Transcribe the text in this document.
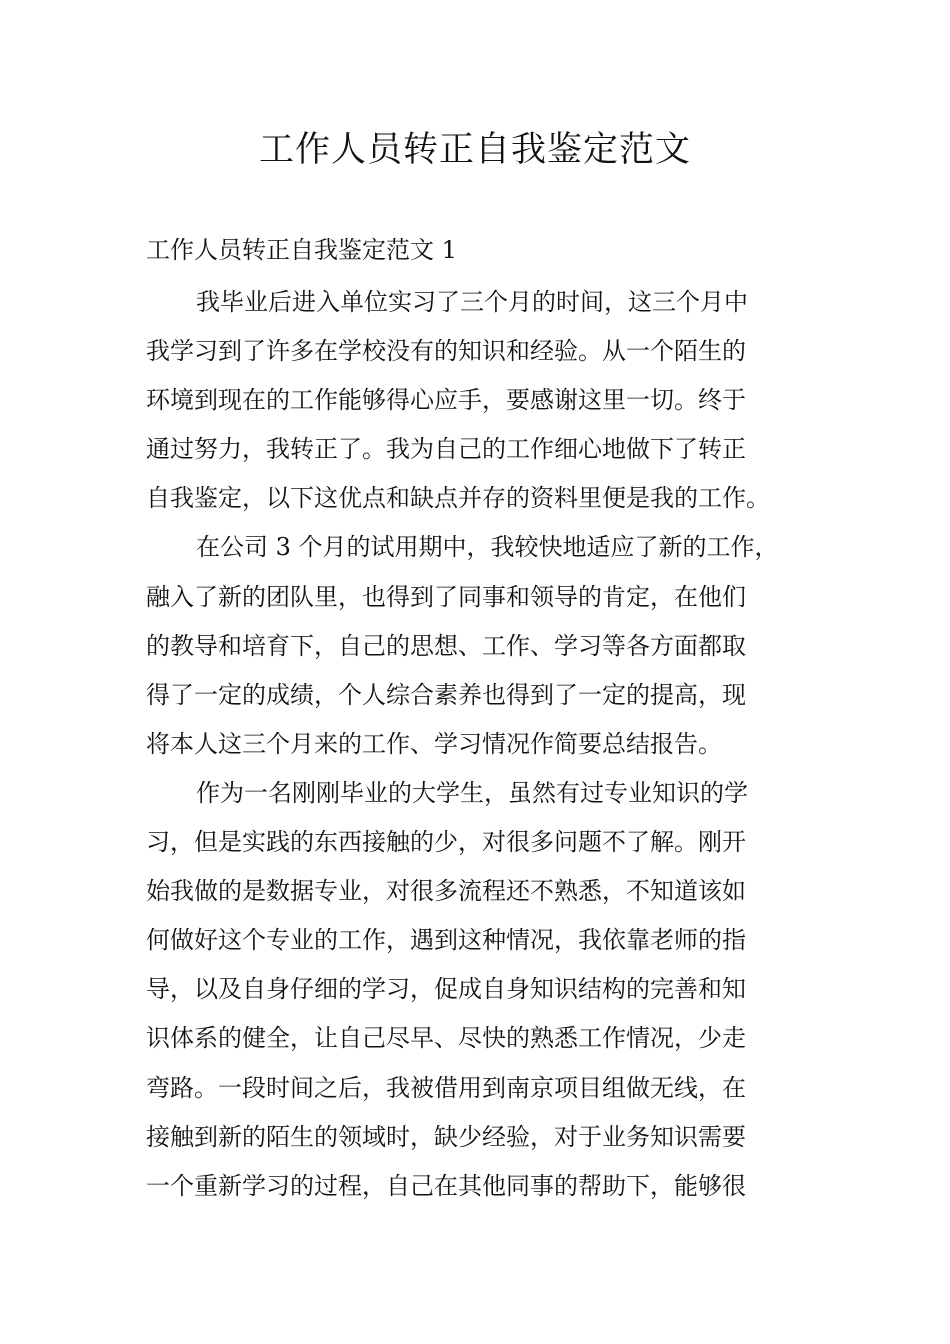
工作人员转正自我鉴定范文

工作人员转正自我鉴定范文 1

我毕业后进入单位实习了三个月的时间，这三个月中
我学习到了许多在学校没有的知识和经验。从一个陌生的
环境到现在的工作能够得心应手，要感谢这里一切。终于
通过努力，我转正了。我为自己的工作细心地做下了转正
自我鉴定，以下这优点和缺点并存的资料里便是我的工作。
在公司 3 个月的试用期中，我较快地适应了新的工作，
融入了新的团队里，也得到了同事和领导的肯定，在他们
的教导和培育下，自己的思想、工作、学习等各方面都取
得了一定的成绩，个人综合素养也得到了一定的提高，现
将本人这三个月来的工作、学习情况作简要总结报告。
作为一名刚刚毕业的大学生，虽然有过专业知识的学
习，但是实践的东西接触的少，对很多问题不了解。刚开
始我做的是数据专业，对很多流程还不熟悉，不知道该如
何做好这个专业的工作，遇到这种情况，我依靠老师的指
导，以及自身仔细的学习，促成自身知识结构的完善和知
识体系的健全，让自己尽早、尽快的熟悉工作情况，少走
弯路。一段时间之后，我被借用到南京项目组做无线，在
接触到新的陌生的领域时，缺少经验，对于业务知识需要
一个重新学习的过程，自己在其他同事的帮助下，能够很
